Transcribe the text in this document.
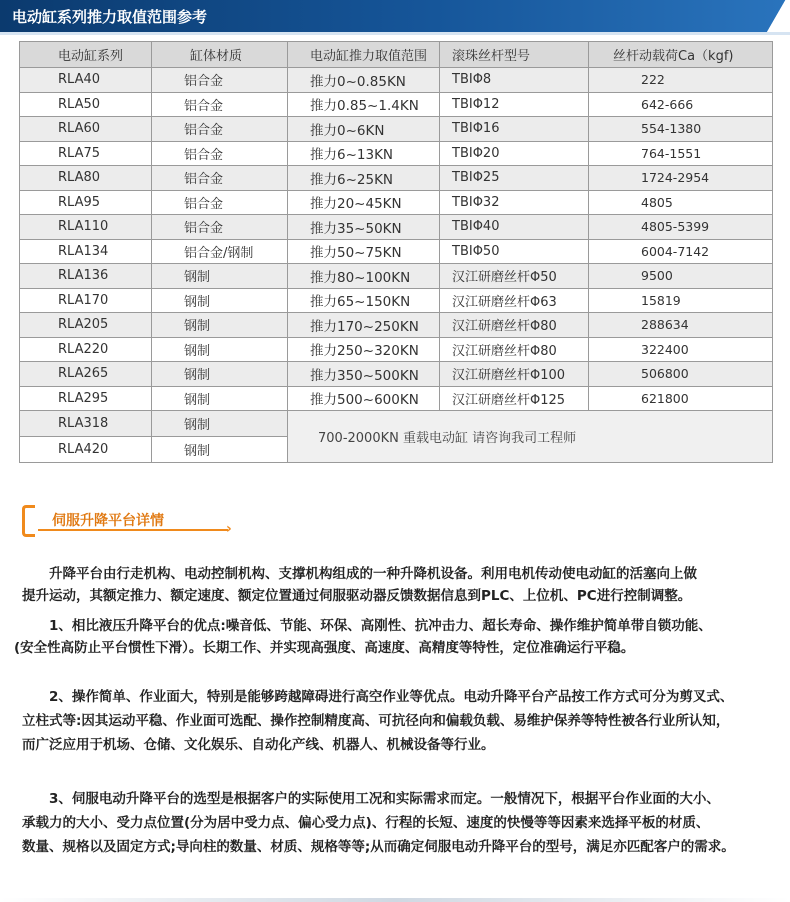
电动缸系列推力取值范围参考
电动缸系列	缸体材质	电动缸推力取值范围	滚珠丝杆型号	丝杆动载荷Ca（kgf)
RLA40	铝合金	推力0~0.85KN	TBIΦ8	222
RLA50	铝合金	推力0.85~1.4KN	TBIΦ12	642-666
RLA60	铝合金	推力0~6KN	TBIΦ16	554-1380
RLA75	铝合金	推力6~13KN	TBIΦ20	764-1551
RLA80	铝合金	推力6~25KN	TBIΦ25	1724-2954
RLA95	铝合金	推力20~45KN	TBIΦ32	4805
RLA110	铝合金	推力35~50KN	TBIΦ40	4805-5399
RLA134	铝合金/钢制	推力50~75KN	TBIΦ50	6004-7142
RLA136	钢制	推力80~100KN	汉江研磨丝杆Φ50	9500
RLA170	钢制	推力65~150KN	汉江研磨丝杆Φ63	15819
RLA205	钢制	推力170~250KN	汉江研磨丝杆Φ80	288634
RLA220	钢制	推力250~320KN	汉江研磨丝杆Φ80	322400
RLA265	钢制	推力350~500KN	汉江研磨丝杆Φ100	506800
RLA295	钢制	推力500~600KN	汉江研磨丝杆Φ125	621800
RLA318	钢制	700-2000KN 重载电动缸 请咨询我司工程师		
RLA420	钢制			
伺服升降平台详情	›

　　升降平台由行走机构、电动控制机构、支撑机构组成的一种升降机设备。利用电机传动使电动缸的活塞向上做

提升运动，其额定推力、额定速度、额定位置通过伺服驱动器反馈数据信息到PLC、上位机、PC进行控制调整。

　　1、相比液压升降平台的优点:噪音低、节能、环保、高刚性、抗冲击力、超长寿命、操作维护简单带自锁功能、

(安全性高防止平台惯性下滑）。长期工作、并实现高强度、高速度、高精度等特性，定位准确运行平稳。

　　2、操作简单、作业面大，特别是能够跨越障碍进行高空作业等优点。电动升降平台产品按工作方式可分为剪叉式、

立柱式等:因其运动平稳、作业面可选配、操作控制精度高、可抗径向和偏载负载、易维护保养等特性被各行业所认知，

而广泛应用于机场、仓储、文化娱乐、自动化产线、机器人、机械设备等行业。

　　3、伺服电动升降平台的选型是根据客户的实际使用工况和实际需求而定。一般情况下，根据平台作业面的大小、

承载力的大小、受力点位置(分为居中受力点、偏心受力点)、行程的长短、速度的快慢等等因素来选择平板的材质、

数量、规格以及固定方式;导向柱的数量、材质、规格等等;从而确定伺服电动升降平台的型号，满足亦匹配客户的需求。
